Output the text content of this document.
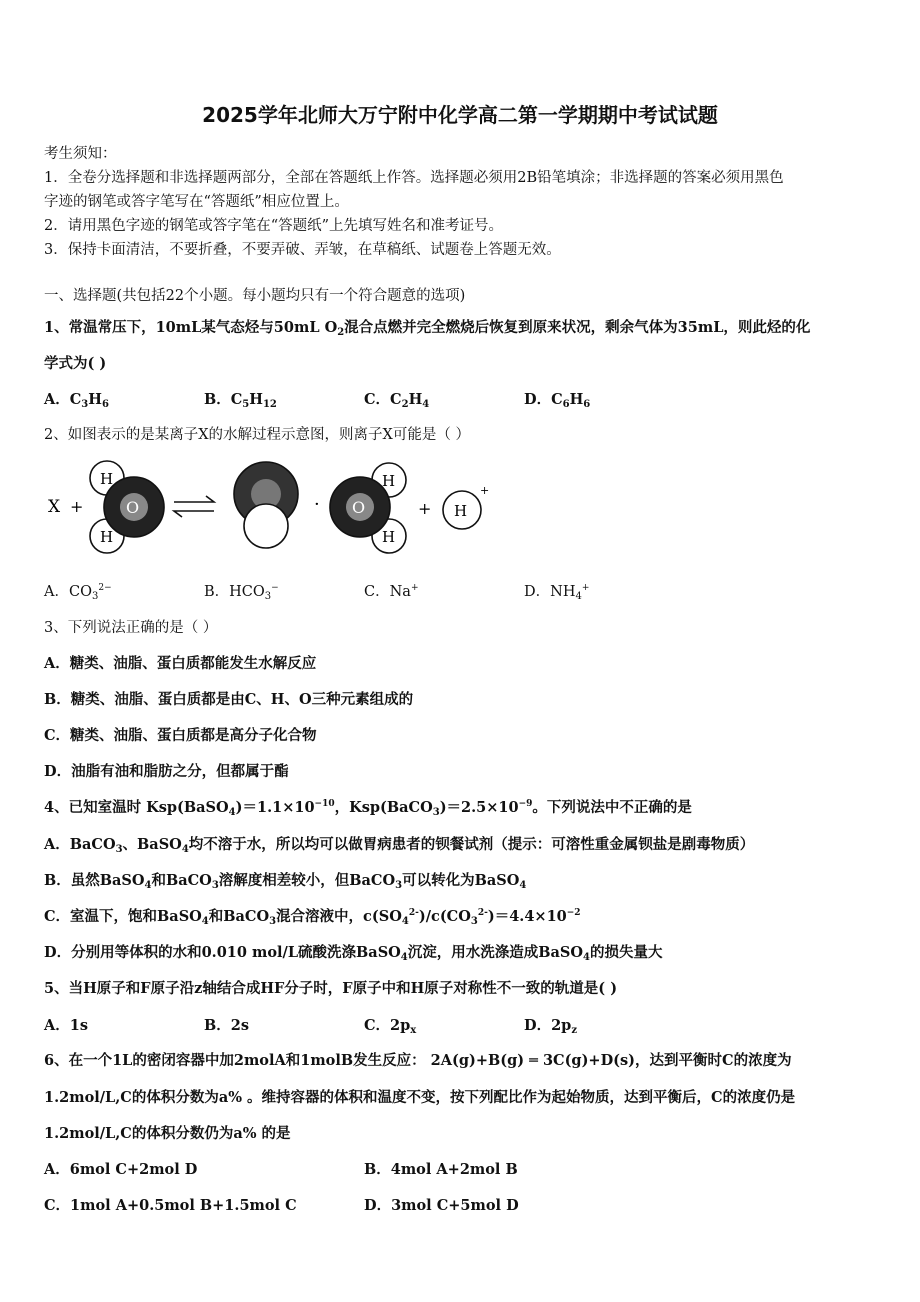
2025学年北师大万宁附中化学高二第一学期期中考试试题
考生须知：
1．全卷分选择题和非选择题两部分，全部在答题纸上作答。选择题必须用2B铅笔填涂；非选择题的答案必须用黑色
字迹的钢笔或答字笔写在“答题纸”相应位置上。
2．请用黑色字迹的钢笔或答字笔在“答题纸”上先填写姓名和准考证号。
3．保持卡面清洁，不要折叠，不要弄破、弄皱，在草稿纸、试题卷上答题无效。
一、选择题(共包括22个小题。每小题均只有一个符合题意的选项)
1、常温常压下，10mL某气态烃与50mL $O_2$混合点燃并完全燃烧后恢复到原来状况，剩余气体为35mL，则此烃的化
学式为( )
A．$C_3H_6$	B．$C_5H_{12}$	C．$C_2H_4$	D．$C_6H_6$
2、如图表示的是某离子X的水解过程示意图，则离子X可能是（ ）
X +
H
H
O	·
H
H
O	+ H
+
A．$CO_3^{2-}$	B．$HCO_3^-$	C．Na+	D．$NH_4^+$
3、下列说法正确的是（ ）
A．糖类、油脂、蛋白质都能发生水解反应
B．糖类、油脂、蛋白质都是由C、H、O三种元素组成的
C．糖类、油脂、蛋白质都是高分子化合物
D．油脂有油和脂肪之分，但都属于酯
4、已知室温时 $Ksp(BaSO_4)=1.1\times 10^{-10}$，$Ksp(BaCO_3)=2.5\times 10^{-9}$。下列说法中不正确的是
A．BaCO$_3$、BaSO$_4$均不溶于水，所以均可以做胃病患者的钡餐试剂（提示：可溶性重金属钡盐是剧毒物质）
B．虽然BaSO$_4$和BaCO$_3$溶解度相差较小，但BaCO$_3$可以转化为BaSO$_4$
C．室温下，饱和BaSO$_4$和BaCO$_3$混合溶液中，$c(SO_4^{2-})/c(CO_3^{2-})=4.4\times 10^{-2}$
D．分别用等体积的水和0.010 mol/L硫酸洗涤BaSO$_4$沉淀，用水洗涤造成BaSO$_4$的损失量大
5、当H原子和F原子沿z轴结合成HF分子时，F原子中和H原子对称性不一致的轨道是( )
A．1s	B．2s	C．$2p_x$	D．$2p_z$
6、在一个1L的密闭容器中加2molA和1molB发生反应： 2A(g)+B(g) ═ 3C(g)+D(s)，达到平衡时C的浓度为
1.2mol/L,C的体积分数为a% 。维持容器的体积和温度不变，按下列配比作为起始物质，达到平衡后，C的浓度仍是
1.2mol/L,C的体积分数仍为a% 的是
A．6mol C+2mol D	B．4mol A+2mol B
C．1mol A+0.5mol B+1.5mol C	D．3mol C+5mol D
